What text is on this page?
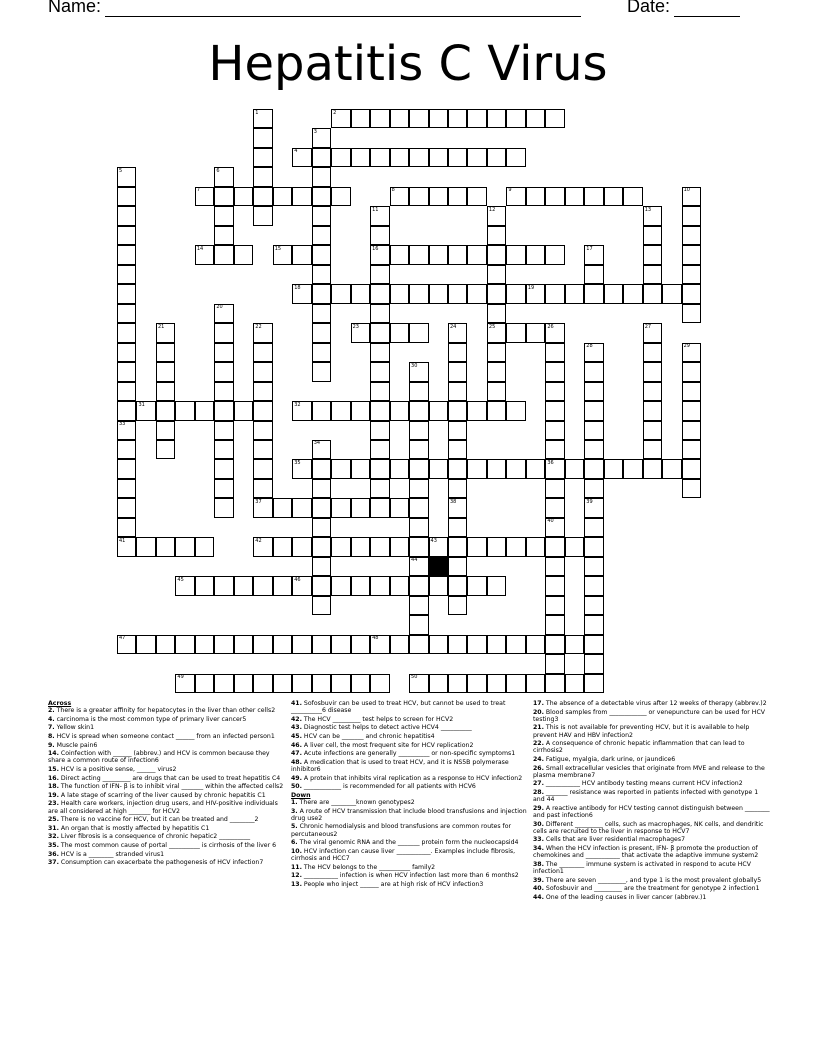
Name:	Date:
Hepatitis C Virus
1	2
3
4
5	6
7	8	9	10
11	12	13
14	15	16	17
18	19
20
21	22	23	24	25	26	27
28	29
30
31	32
33
34
35	36
37	38	39
40
41	42	43
44
45	46
47	48
49	50
Across
2. There is a greater affinity for hepatocytes in the liver than other cells2
4. carcinoma is the most common type of primary liver cancer5
7. Yellow skin1
8. HCV is spread when someone contact ______ from an infected person1
9. Muscle pain6
14. Coinfection with ______ (abbrev.) and HCV is common because they share a common route of infection6
15. HCV is a positive sense, ______ virus2
16. Direct acting _________ are drugs that can be used to treat hepatitis C4
18. The function of IFN- β is to inhibit viral _______ within the affected cells2
19. A late stage of scarring of the liver caused by chronic hepatitis C1
23. Health care workers, injection drug users, and HIV-positive individuals are all considered at high _______ for HCV2
25. There is no vaccine for HCV, but it can be treated and ________2
31. An organ that is mostly affected by hepatitis C1
32. Liver fibrosis is a consequence of chronic hepatic2 __________
35. The most common cause of portal __________ is cirrhosis of the liver 6
36. HCV is a ________ stranded virus1
37. Consumption can exacerbate the pathogenesis of HCV infection7
41. Sofosbuvir can be used to treat HCV, but cannot be used to treat __________6 disease
42. The HCV _________ test helps to screen for HCV2
43. Diagnostic test helps to detect active HCV4 __________
45. HCV can be _______ and chronic hepatitis4
46. A liver cell, the most frequent site for HCV replication2
47. Acute infections are generally __________ or non-specific symptoms1
48. A medication that is used to treat HCV, and it is NS5B polymerase inhibitor6
49. A protein that inhibits viral replication as a response to HCV infection2
50. ____________ is recommended for all patients with HCV6
Down
1. There are ________known genotypes2
3. A route of HCV transmission that include blood transfusions and injection drug use2
5. Chronic hemodialysis and blood transfusions are common routes for percutaneous2
6. The viral genomic RNA and the _______ protein form the nucleocapsid4
10. HCV infection can cause liver ___________. Examples include fibrosis, cirrhosis and HCC7
11. The HCV belongs to the __________ family2
12. ___________ infection is when HCV infection last more than 6 months2
13. People who inject ______ are at high risk of HCV infection3
17. The absence of a detectable virus after 12 weeks of therapy (abbrev.)2
20. Blood samples from ____________ or venepuncture can be used for HCV testing3
21. This is not available for preventing HCV, but it is available to help prevent HAV and HBV infection2
22. A consequence of chronic hepatic inflammation that can lead to cirrhosis2
24. Fatigue, myalgia, dark urine, or jaundice6
26. Small extracellular vesicles that originate from MVE and release to the plasma membrane7
27. ___________ HCV antibody testing means current HCV infection2
28. _______ resistance was reported in patients infected with genotype 1 and 44
29. A reactive antibody for HCV testing cannot distinguish between ________ and past infection6
30. Different _________ cells, such as macrophages, NK cells, and dendritic cells are recruited to the liver in response to HCV7
33. Cells that are liver residential macrophages7
34. When the HCV infection is present, IFN- β promote the production of chemokines and ___________ that activate the adaptive immune system2
38. The ________ immune system is activated in respond to acute HCV infection1
39. There are seven _________, and type 1 is the most prevalent globally5
40. Sofosbuvir and _________ are the treatment for genotype 2 infection1
44. One of the leading causes in liver cancer (abbrev.)1
